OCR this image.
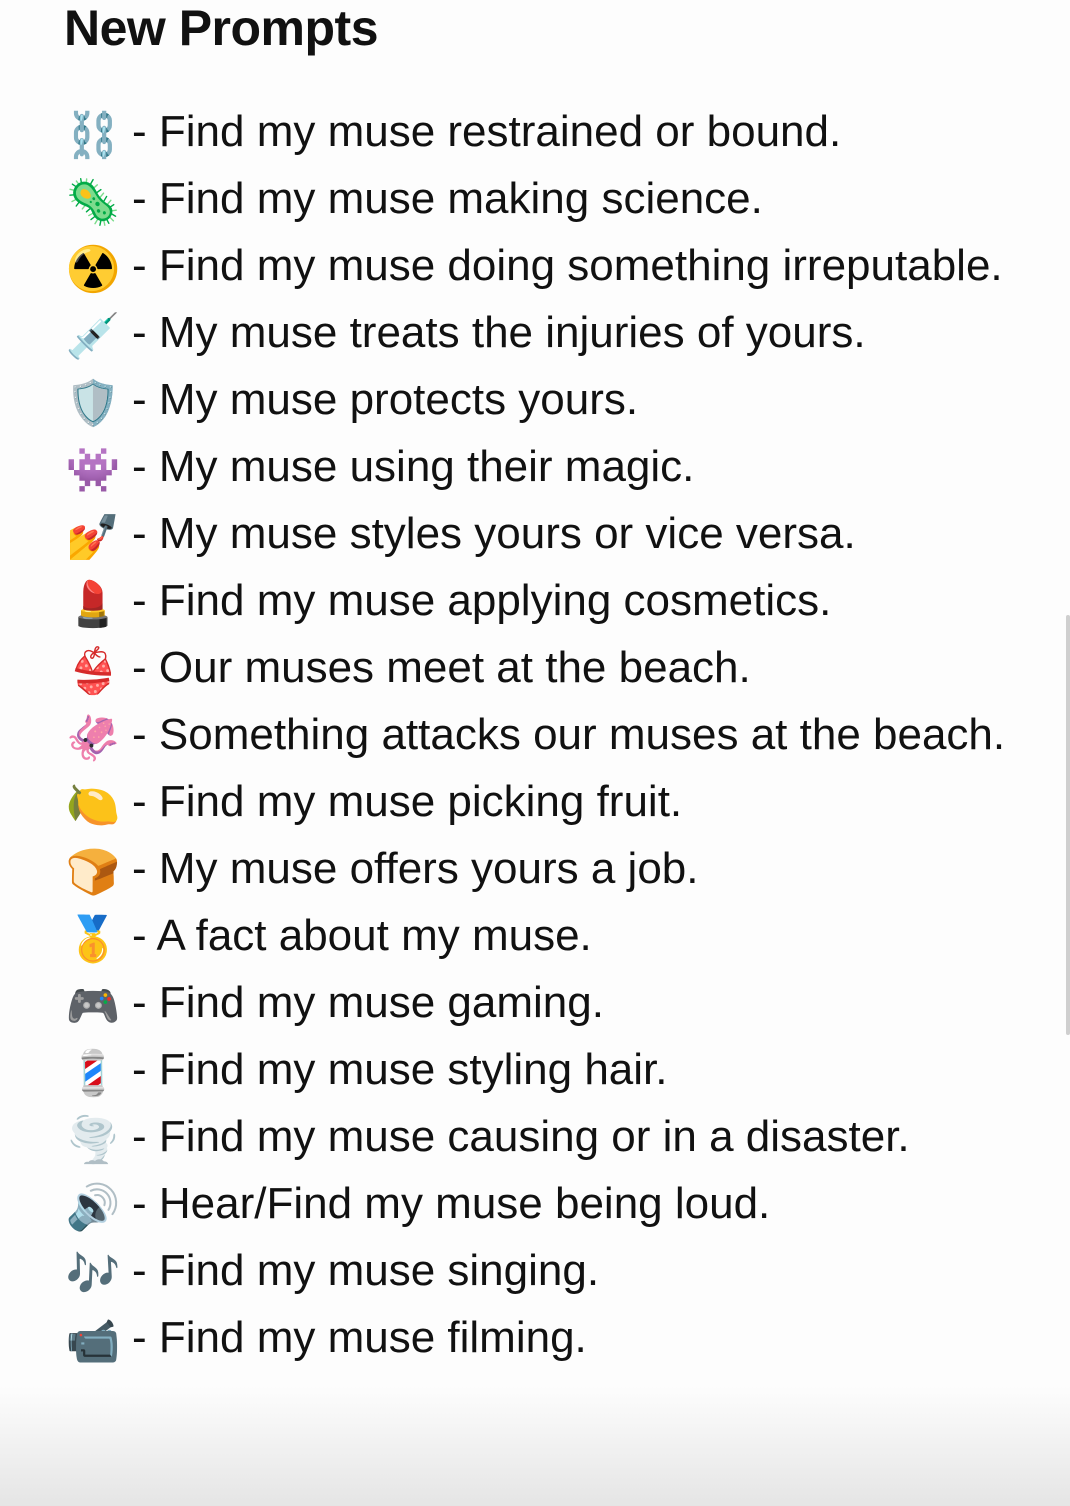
New Prompts
⛓️ - Find my muse restrained or bound.
🦠 - Find my muse making science.
☢️ - Find my muse doing something irreputable.
💉 - My muse treats the injuries of yours.
🛡️ - My muse protects yours.
👾 - My muse using their magic.
💅 - My muse styles yours or vice versa.
💄 - Find my muse applying cosmetics.
👙 - Our muses meet at the beach.
🦑 - Something attacks our muses at the beach.
🍋 - Find my muse picking fruit.
🍞 - My muse offers yours a job.
🥇 - A fact about my muse.
🎮 - Find my muse gaming.
💈 - Find my muse styling hair.
🌪️ - Find my muse causing or in a disaster.
🔊 - Hear/Find my muse being loud.
🎶 - Find my muse singing.
📹 - Find my muse filming.
